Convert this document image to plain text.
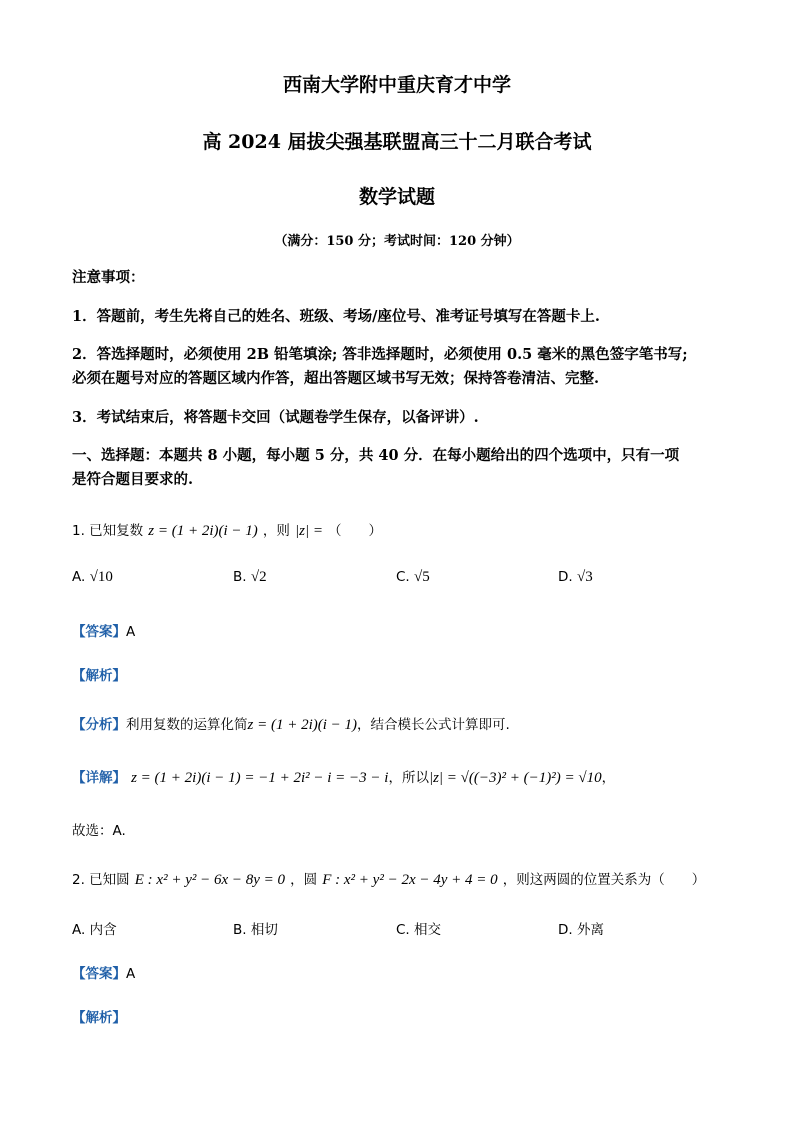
西南大学附中重庆育才中学
高 2024 届拔尖强基联盟高三十二月联合考试
数学试题
（满分：150 分；考试时间：120 分钟）
注意事项：
1．答题前，考生先将自己的姓名、班级、考场/座位号、准考证号填写在答题卡上.
2．答选择题时，必须使用 2B 铅笔填涂; 答非选择题时，必须使用 0.5 毫米的黑色签字笔书写;
必须在题号对应的答题区域内作答，超出答题区域书写无效；保持答卷清洁、完整.
3．考试结束后，将答题卡交回（试题卷学生保存，以备评讲）.
一、选择题：本题共 8 小题，每小题 5 分，共 40 分．在每小题给出的四个选项中，只有一项
是符合题目要求的.
1. 已知复数 z = (1 + 2i)(i − 1) ，则 |z| = （　　）
A. √10	B. √2	C. √5	D. √3
【答案】A
【解析】
【分析】利用复数的运算化简z = (1 + 2i)(i − 1)，结合模长公式计算即可.
【详解】 z = (1 + 2i)(i − 1) = −1 + 2i² − i = −3 − i，所以|z| = √((−3)² + (−1)²) = √10，
故选：A.
2. 已知圆 E : x² + y² − 6x − 8y = 0 ，圆 F : x² + y² − 2x − 4y + 4 = 0 ，则这两圆的位置关系为（　　）
A. 内含	B. 相切	C. 相交	D. 外离
【答案】A
【解析】
